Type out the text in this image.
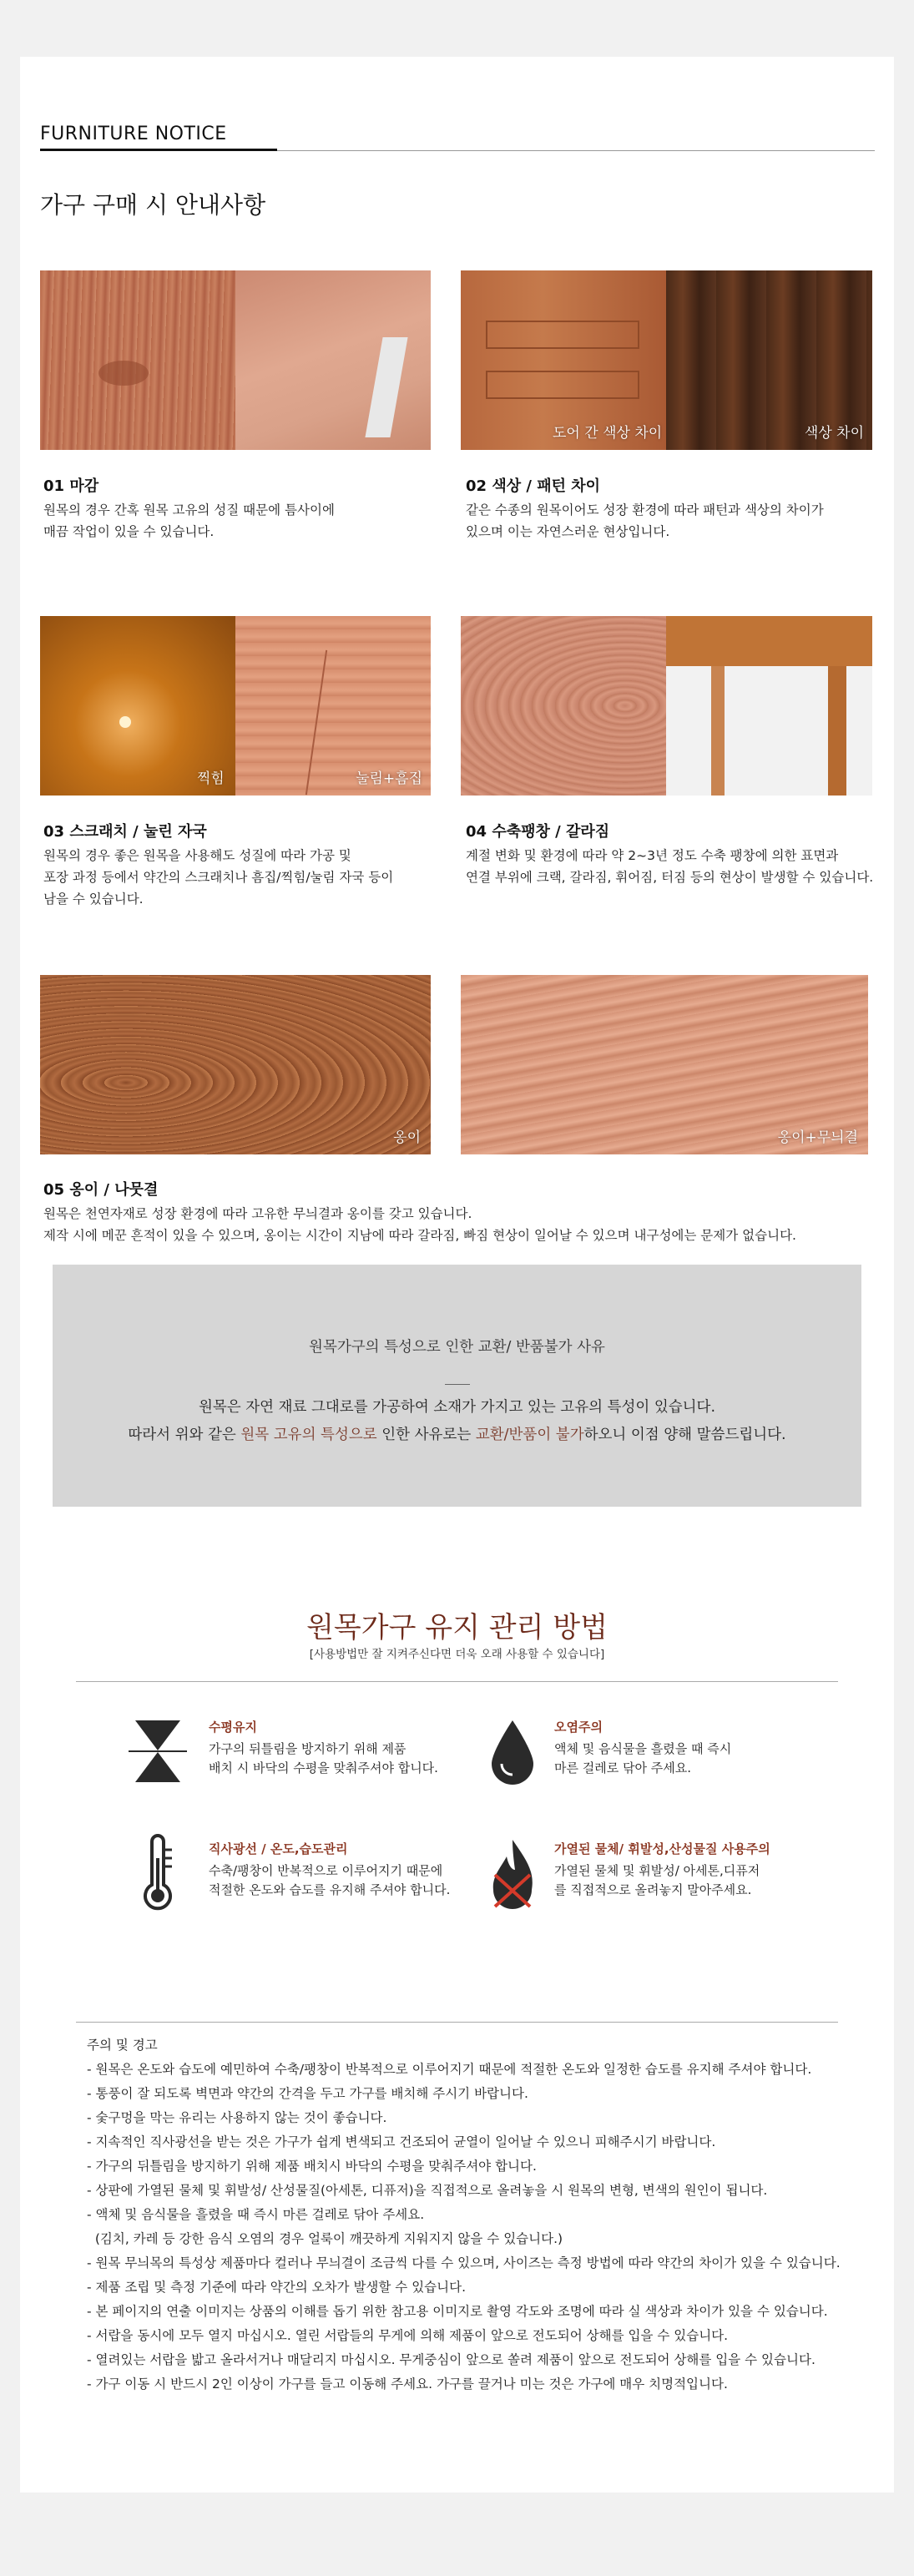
FURNITURE NOTICE
가구 구매 시 안내사항
01 마감
원목의 경우 간혹 원목 고유의 성질 때문에 틈사이에
매끔 작업이 있을 수 있습니다.
도어 간 색상 차이	색상 차이
02 색상 / 패턴 차이
같은 수종의 원목이어도 성장 환경에 따라 패턴과 색상의 차이가
있으며 이는 자연스러운 현상입니다.
찍힘	눌림+흠집
03 스크래치 / 눌린 자국
원목의 경우 좋은 원목을 사용해도 성질에 따라 가공 및
포장 과정 등에서 약간의 스크래치나 흠집/찍힘/눌림 자국 등이
남을 수 있습니다.
04 수축팽창 / 갈라짐
계절 변화 및 환경에 따라 약 2~3년 정도 수축 팽창에 의한 표면과
연결 부위에 크랙, 갈라짐, 휘어짐, 터짐 등의 현상이 발생할 수 있습니다.
옹이	옹이+무늬결
05 옹이 / 나뭇결
원목은 천연자재로 성장 환경에 따라 고유한 무늬결과 옹이를 갖고 있습니다.
제작 시에 메꾼 흔적이 있을 수 있으며, 옹이는 시간이 지남에 따라 갈라짐, 빠짐 현상이 일어날 수 있으며 내구성에는 문제가 없습니다.
원목가구의 특성으로 인한 교환/ 반품불가 사유
원목은 자연 재료 그대로를 가공하여 소재가 가지고 있는 고유의 특성이 있습니다.
따라서 위와 같은 원목 고유의 특성으로 인한 사유로는 교환/반품이 불가하오니 이점 양해 말씀드립니다.
원목가구 유지 관리 방법
[사용방법만 잘 지켜주신다면 더욱 오래 사용할 수 있습니다]
수평유지
가구의 뒤틀림을 방지하기 위해 제품
배치 시 바닥의 수평을 맞춰주셔야 합니다.
오염주의
액체 및 음식물을 흘렸을 때 즉시
마른 걸레로 닦아 주세요.
직사광선 / 온도,습도관리
수축/팽창이 반복적으로 이루어지기 때문에
적절한 온도와 습도를 유지해 주셔야 합니다.
가열된 물체/ 휘발성,산성물질 사용주의
가열된 물체 및 휘발성/ 아세톤,디퓨저
를 직접적으로 올려놓지 말아주세요.
주의 및 경고
- 원목은 온도와 습도에 예민하여 수축/팽창이 반복적으로 이루어지기 때문에 적절한 온도와 일정한 습도를 유지해 주셔야 합니다.
- 통풍이 잘 되도록 벽면과 약간의 간격을 두고 가구를 배치해 주시기 바랍니다.
- 숯구멍을 막는 유리는 사용하지 않는 것이 좋습니다.
- 지속적인 직사광선을 받는 것은 가구가 쉽게 변색되고 건조되어 균열이 일어날 수 있으니 피해주시기 바랍니다.
- 가구의 뒤틀림을 방지하기 위해 제품 배치시 바닥의 수평을 맞춰주셔야 합니다.
- 상판에 가열된 물체 및 휘발성/ 산성물질(아세톤, 디퓨저)을 직접적으로 올려놓을 시 원목의 변형, 변색의 원인이 됩니다.
- 액체 및 음식물을 흘렸을 때 즉시 마른 걸레로 닦아 주세요.
(김치, 카레 등 강한 음식 오염의 경우 얼룩이 깨끗하게 지워지지 않을 수 있습니다.)
- 원목 무늬목의 특성상 제품마다 컬러나 무늬결이 조금씩 다를 수 있으며, 사이즈는 측정 방법에 따라 약간의 차이가 있을 수 있습니다.
- 제품 조립 및 측정 기준에 따라 약간의 오차가 발생할 수 있습니다.
- 본 페이지의 연출 이미지는 상품의 이해를 돕기 위한 참고용 이미지로 촬영 각도와 조명에 따라 실 색상과 차이가 있을 수 있습니다.
- 서랍을 동시에 모두 열지 마십시오. 열린 서랍들의 무게에 의해 제품이 앞으로 전도되어 상해를 입을 수 있습니다.
- 열려있는 서랍을 밟고 올라서거나 매달리지 마십시오. 무게중심이 앞으로 쏠려 제품이 앞으로 전도되어 상해를 입을 수 있습니다.
- 가구 이동 시 반드시 2인 이상이 가구를 들고 이동해 주세요. 가구를 끌거나 미는 것은 가구에 매우 치명적입니다.
